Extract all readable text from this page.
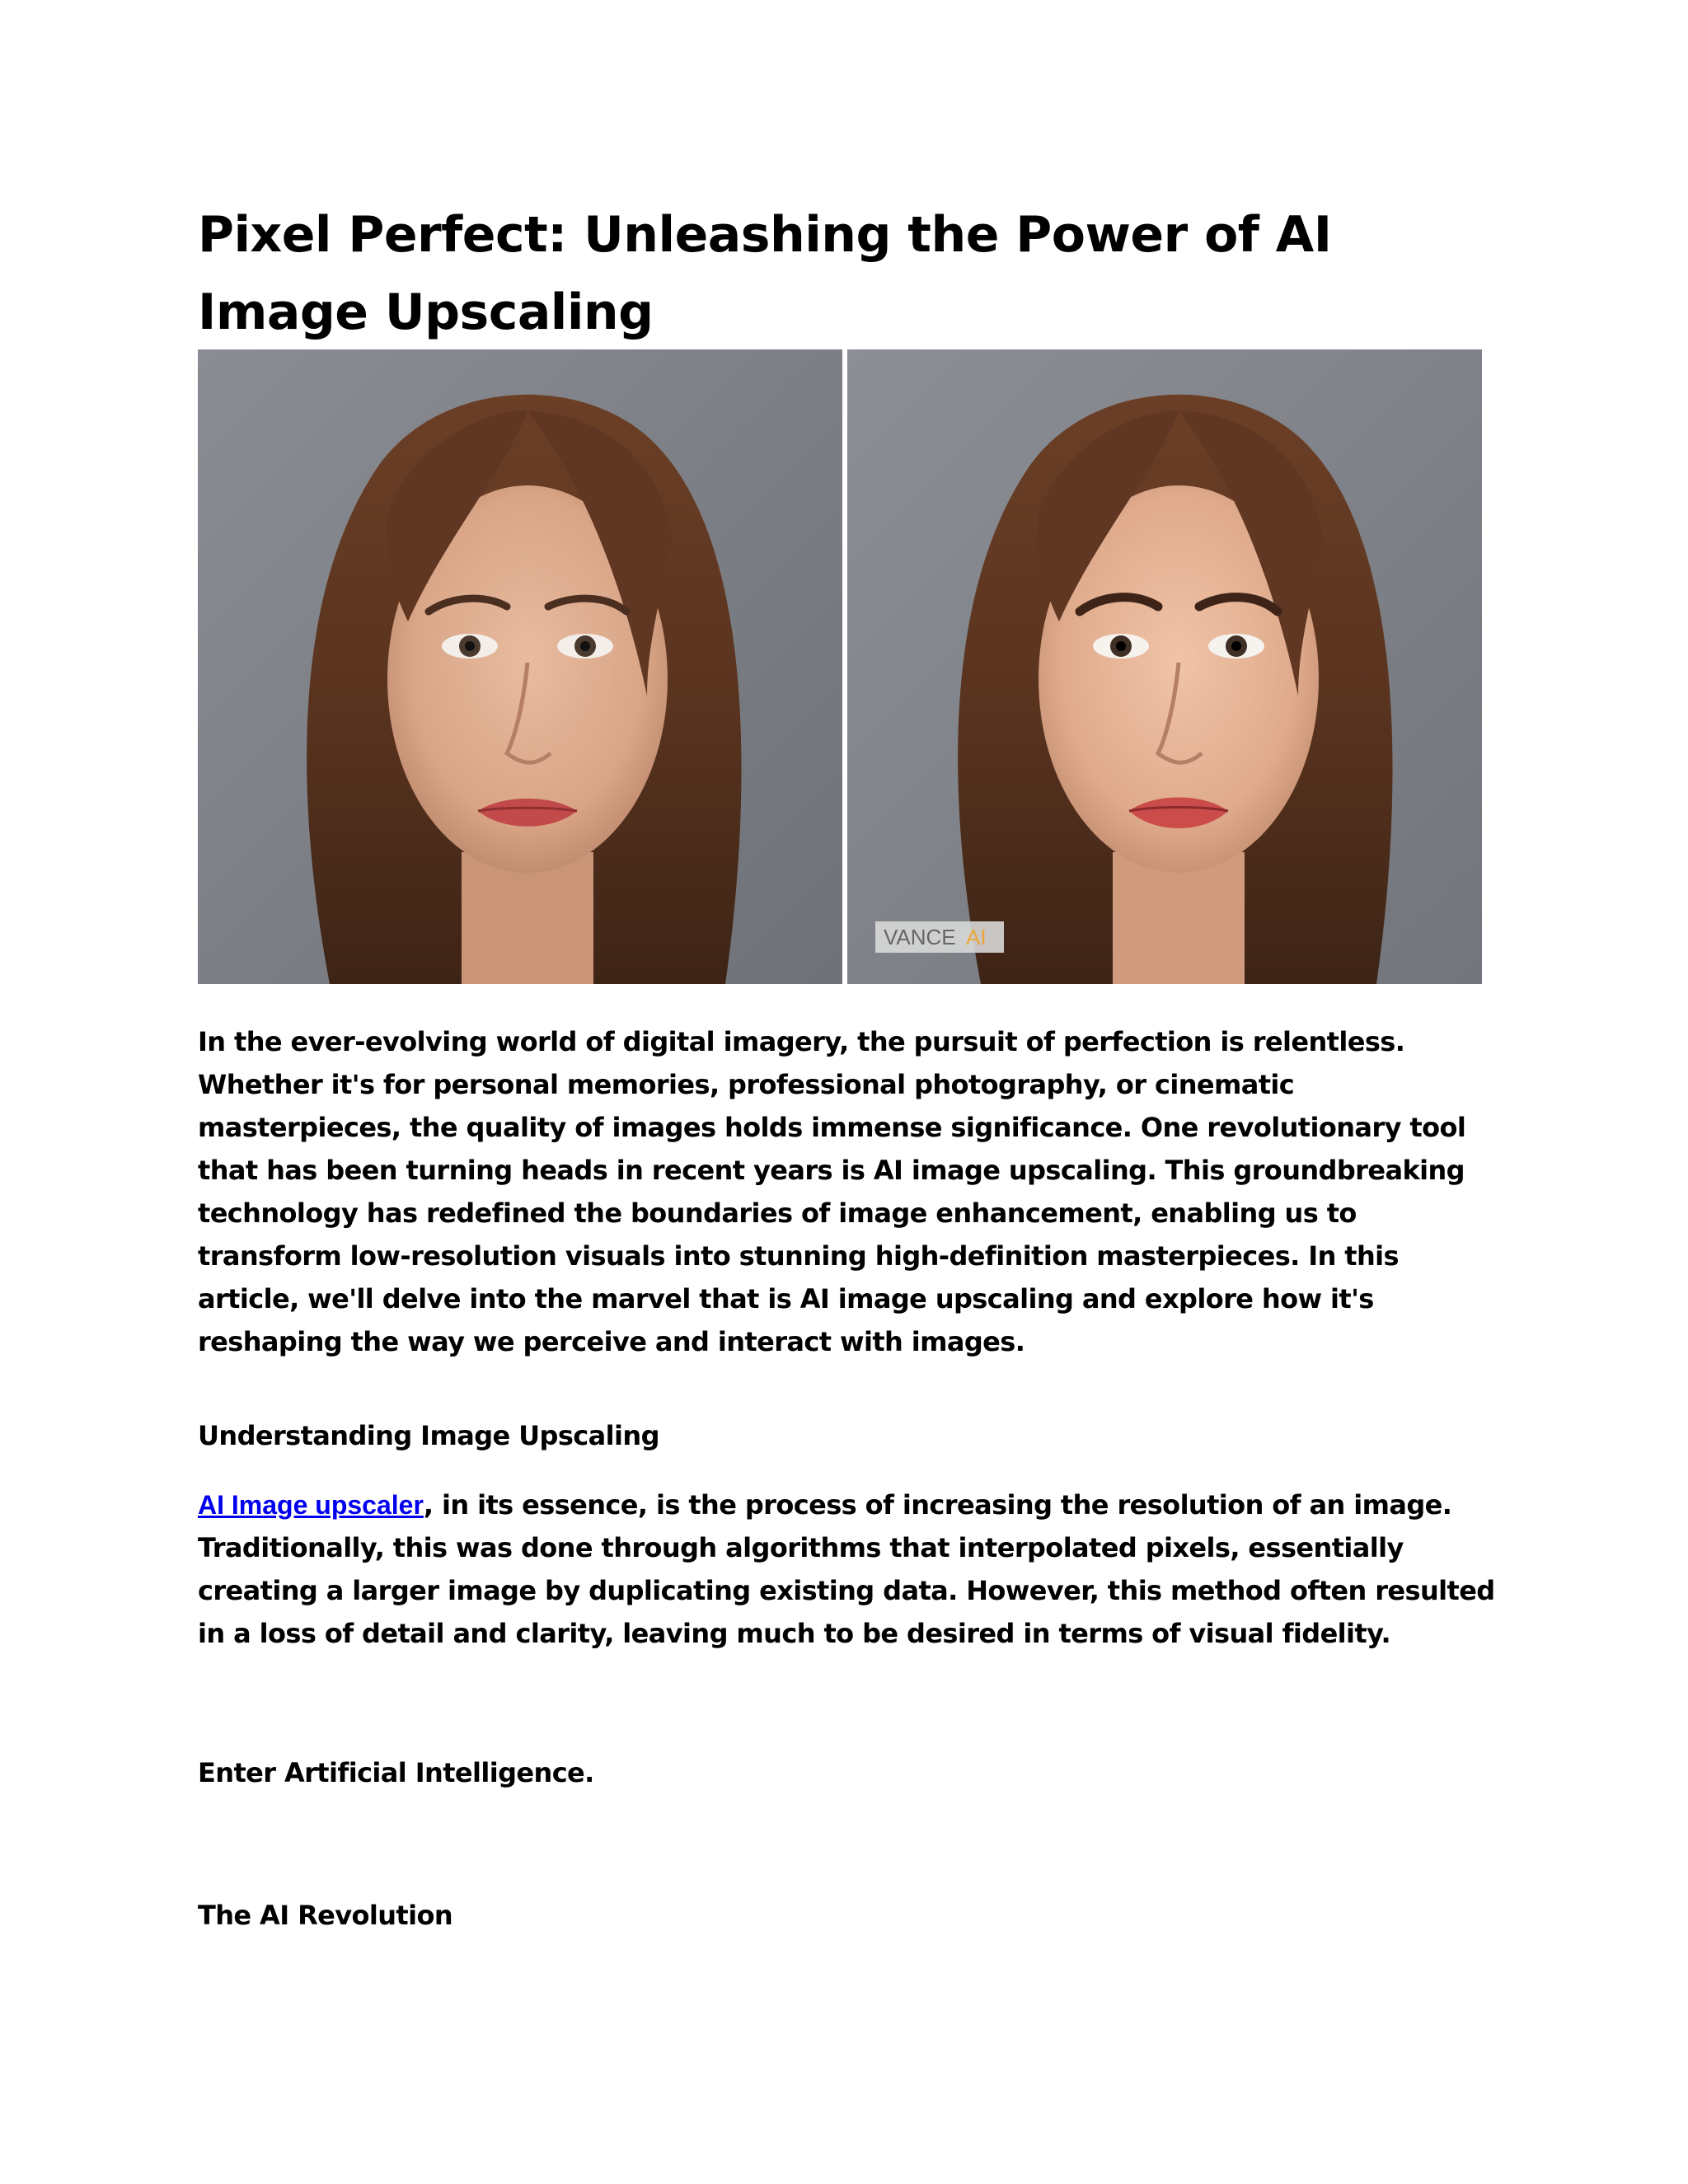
Pixel Perfect: Unleashing the Power of AI Image Upscaling
VANCE AI

In the ever-evolving world of digital imagery, the pursuit of perfection is relentless. Whether it's for personal memories, professional photography, or cinematic masterpieces, the quality of images holds immense significance. One revolutionary tool that has been turning heads in recent years is AI image upscaling. This groundbreaking technology has redefined the boundaries of image enhancement, enabling us to transform low-resolution visuals into stunning high-definition masterpieces. In this article, we'll delve into the marvel that is AI image upscaling and explore how it's reshaping the way we perceive and interact with images.

Understanding Image Upscaling

AI Image upscaler, in its essence, is the process of increasing the resolution of an image. Traditionally, this was done through algorithms that interpolated pixels, essentially creating a larger image by duplicating existing data. However, this method often resulted in a loss of detail and clarity, leaving much to be desired in terms of visual fidelity.

Enter Artificial Intelligence.

The AI Revolution
